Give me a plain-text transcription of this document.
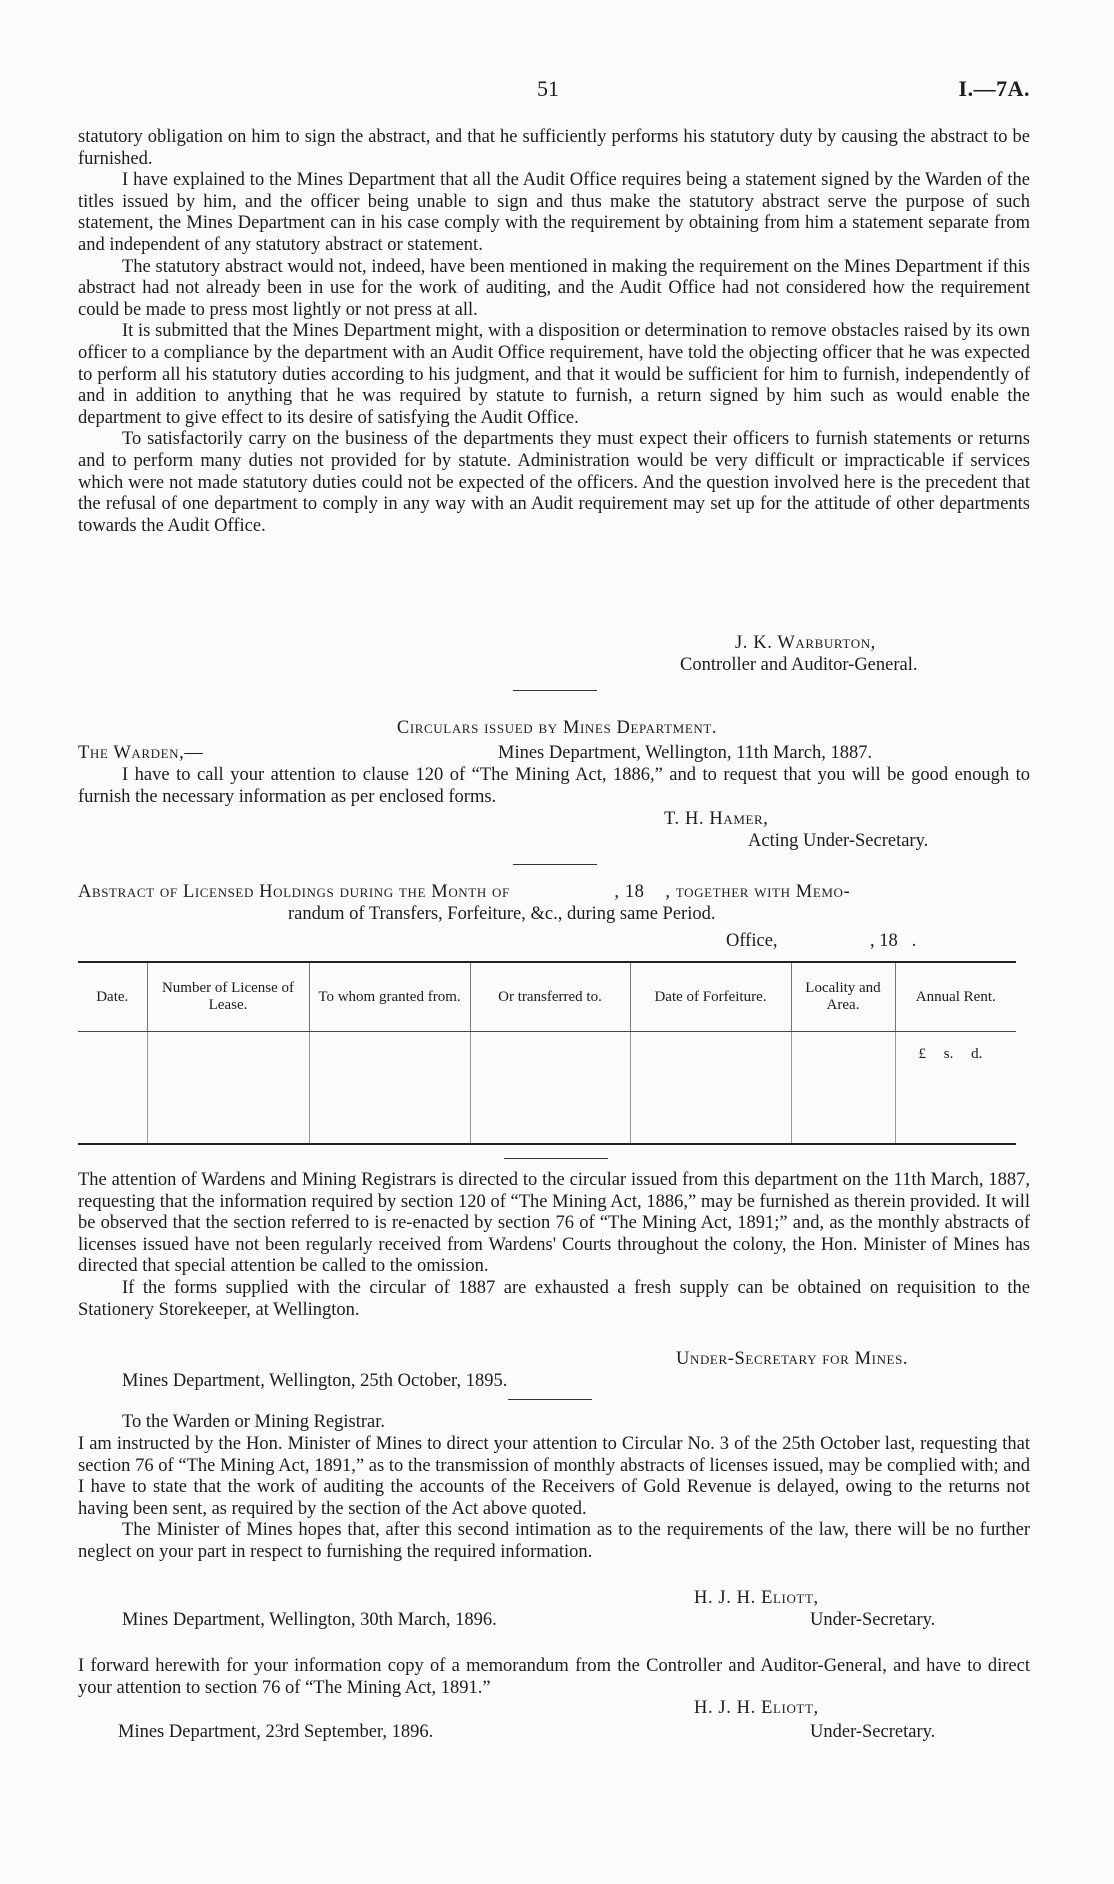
51	I.—7A.

statutory obligation on him to sign the abstract, and that he sufficiently performs his statutory duty by causing the abstract to be furnished.

I have explained to the Mines Department that all the Audit Office requires being a statement signed by the Warden of the titles issued by him, and the officer being unable to sign and thus make the statutory abstract serve the purpose of such statement, the Mines Department can in his case comply with the requirement by obtaining from him a statement separate from and independent of any statutory abstract or statement.

The statutory abstract would not, indeed, have been mentioned in making the requirement on the Mines Department if this abstract had not already been in use for the work of auditing, and the Audit Office had not considered how the requirement could be made to press most lightly or not press at all.

It is submitted that the Mines Department might, with a disposition or determination to remove obstacles raised by its own officer to a compliance by the department with an Audit Office requirement, have told the objecting officer that he was expected to perform all his statutory duties according to his judgment, and that it would be sufficient for him to furnish, independently of and in addition to anything that he was required by statute to furnish, a return signed by him such as would enable the department to give effect to its desire of satisfying the Audit Office.

To satisfactorily carry on the business of the departments they must expect their officers to furnish statements or returns and to perform many duties not provided for by statute. Administration would be very difficult or impracticable if services which were not made statutory duties could not be expected of the officers. And the question involved here is the precedent that the refusal of one department to comply in any way with an Audit requirement may set up for the attitude of other departments towards the Audit Office.

J. K. Warburton,
Controller and Auditor-General.
Circulars issued by Mines Department.
The Warden,—	Mines Department, Wellington, 11th March, 1887.

I have to call your attention to clause 120 of “The Mining Act, 1886,” and to request that you will be good enough to furnish the necessary information as per enclosed forms.

T. H. Hamer,
Acting Under-Secretary.
Abstract of Licensed Holdings during the Month of                    , 18    , together with Memo-
randum of Transfers, Forfeiture, &c., during same Period.
Office,                    , 18   .
Date.	Number of License of Lease.	To whom granted from.	Or transferred to.	Date of Forfeiture.	Locality and Area.	Annual Rent.

						£ s. d.

The attention of Wardens and Mining Registrars is directed to the circular issued from this department on the 11th March, 1887, requesting that the information required by section 120 of “The Mining Act, 1886,” may be furnished as therein provided. It will be observed that the section referred to is re-enacted by section 76 of “The Mining Act, 1891;” and, as the monthly abstracts of licenses issued have not been regularly received from Wardens' Courts throughout the colony, the Hon. Minister of Mines has directed that special attention be called to the omission.

If the forms supplied with the circular of 1887 are exhausted a fresh supply can be obtained on requisition to the Stationery Storekeeper, at Wellington.

Under-Secretary for Mines.
Mines Department, Wellington, 25th October, 1895.
To the Warden or Mining Registrar.

I am instructed by the Hon. Minister of Mines to direct your attention to Circular No. 3 of the 25th October last, requesting that section 76 of “The Mining Act, 1891,” as to the transmission of monthly abstracts of licenses issued, may be complied with; and I have to state that the work of auditing the accounts of the Receivers of Gold Revenue is delayed, owing to the returns not having been sent, as required by the section of the Act above quoted.

The Minister of Mines hopes that, after this second intimation as to the requirements of the law, there will be no further neglect on your part in respect to furnishing the required information.

H. J. H. Eliott,
Mines Department, Wellington, 30th March, 1896.	Under-Secretary.

I forward herewith for your information copy of a memorandum from the Controller and Auditor-General, and have to direct your attention to section 76 of “The Mining Act, 1891.”

H. J. H. Eliott,
Mines Department, 23rd September, 1896.	Under-Secretary.
